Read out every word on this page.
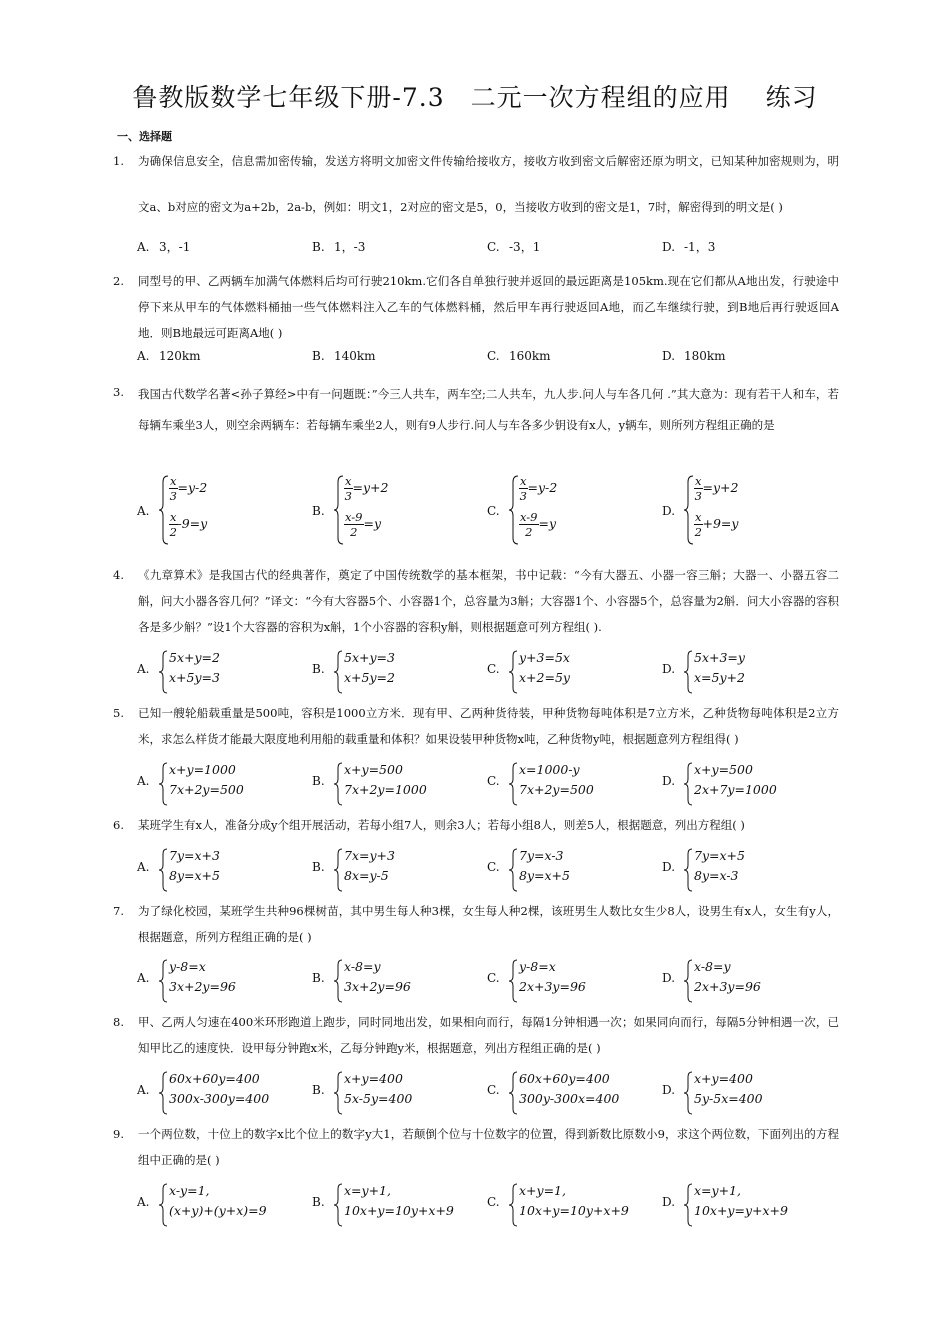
鲁教版数学七年级下册-7.3　二元一次方程组的应用　 练习
一、选择题
1. 为确保信息安全，信息需加密传输，发送方将明文加密文件传输给接收方，接收方收到密文后解密还原为明文，已知某种加密规则为，明文a、b对应的密文为a+2b，2a-b，例如：明文1，2对应的密文是5，0，当接收方收到的密文是1，7时，解密得到的明文是( )
A. 3，-1	B. 1，-3	C. -3，1	D. -1，3
2. 同型号的甲、乙两辆车加满气体燃料后均可行驶210km.它们各自单独行驶并返回的最远距离是105km.现在它们都从A地出发，行驶途中停下来从甲车的气体燃料桶抽一些气体燃料注入乙车的气体燃料桶，然后甲车再行驶返回A地，而乙车继续行驶，到B地后再行驶返回A地．则B地最远可距离A地( )
A. 120km	B. 140km	C. 160km	D. 180km
3. 我国古代数学名著<孙子算经>中有一问题既：”今三人共车，两车空;二人共车，九人步.问人与车各几何 .”其大意为：现有若干人和车，若每辆车乘坐3人，则空余两辆车：若每辆车乘坐2人，则有9人步行.问人与车各多少钥设有x人，y辆车，则所列方程组正确的是
A.
$\frac{x}{3} =y-2$
$\frac{x}{2} -9=y$
B.
$\frac{x}{3} =y+2$
$\frac{x-9}{2} =y$
C.
$\frac{x}{3} =y-2$
$\frac{x-9}{2} =y$
D.
$\frac{x}{3} =y+2$
$\frac{x}{2} +9=y$
4. 《九章算术》是我国古代的经典著作，奠定了中国传统数学的基本框架，书中记载：“今有大器五、小器一容三斛；大器一、小器五容二斛，问大小器各容几何？”译文：“今有大容器5个、小容器1个，总容量为3斛；大容器1个、小容器5个，总容量为2斛．问大小容器的容积各是多少斛？”设1个大容器的容积为x斛，1个小容器的容积y斛，则根据题意可列方程组( ).
A.
5x+y=2
x+5y=3
B.
5x+y=3
x+5y=2
C.
y+3=5x
x+2=5y
D.
5x+3=y
x=5y+2
5. 已知一艘轮船载重量是500吨，容积是1000立方米．现有甲、乙两种货待装，甲种货物每吨体积是7立方米，乙种货物每吨体积是2立方米，求怎么样货才能最大限度地利用船的载重量和体积？如果设装甲种货物x吨，乙种货物y吨，根据题意列方程组得( )
A.
x+y=1000
7x+2y=500
B.
x+y=500
7x+2y=1000
C.
x=1000-y
7x+2y=500
D.
x+y=500
2x+7y=1000
6. 某班学生有x人，准备分成y个组开展活动，若每小组7人，则余3人；若每小组8人，则差5人，根据题意，列出方程组( )
A.
7y=x+3
8y=x+5
B.
7x=y+3
8x=y-5
C.
7y=x-3
8y=x+5
D.
7y=x+5
8y=x-3
7. 为了绿化校园，某班学生共种96棵树苗，其中男生每人种3棵，女生每人种2棵，该班男生人数比女生少8人，设男生有x人，女生有y人，根据题意，所列方程组正确的是( )
A.
y-8=x
3x+2y=96
B.
x-8=y
3x+2y=96
C.
y-8=x
2x+3y=96
D.
x-8=y
2x+3y=96
8. 甲、乙两人匀速在400米环形跑道上跑步，同时同地出发，如果相向而行，每隔1分钟相遇一次；如果同向而行，每隔5分钟相遇一次，已知甲比乙的速度快．设甲每分钟跑x米，乙每分钟跑y米，根据题意，列出方程组正确的是( )
A.
60x+60y=400
300x-300y=400
B.
x+y=400
5x-5y=400
C.
60x+60y=400
300y-300x=400
D.
x+y=400
5y-5x=400
9. 一个两位数，十位上的数字x比个位上的数字y大1，若颠倒个位与十位数字的位置，得到新数比原数小9，求这个两位数，下面列出的方程组中正确的是( )
A.
x-y=1,
(x+y)+(y+x)=9
B.
x=y+1,
10x+y=10y+x+9
C.
x+y=1,
10x+y=10y+x+9
D.
x=y+1,
10x+y=y+x+9
